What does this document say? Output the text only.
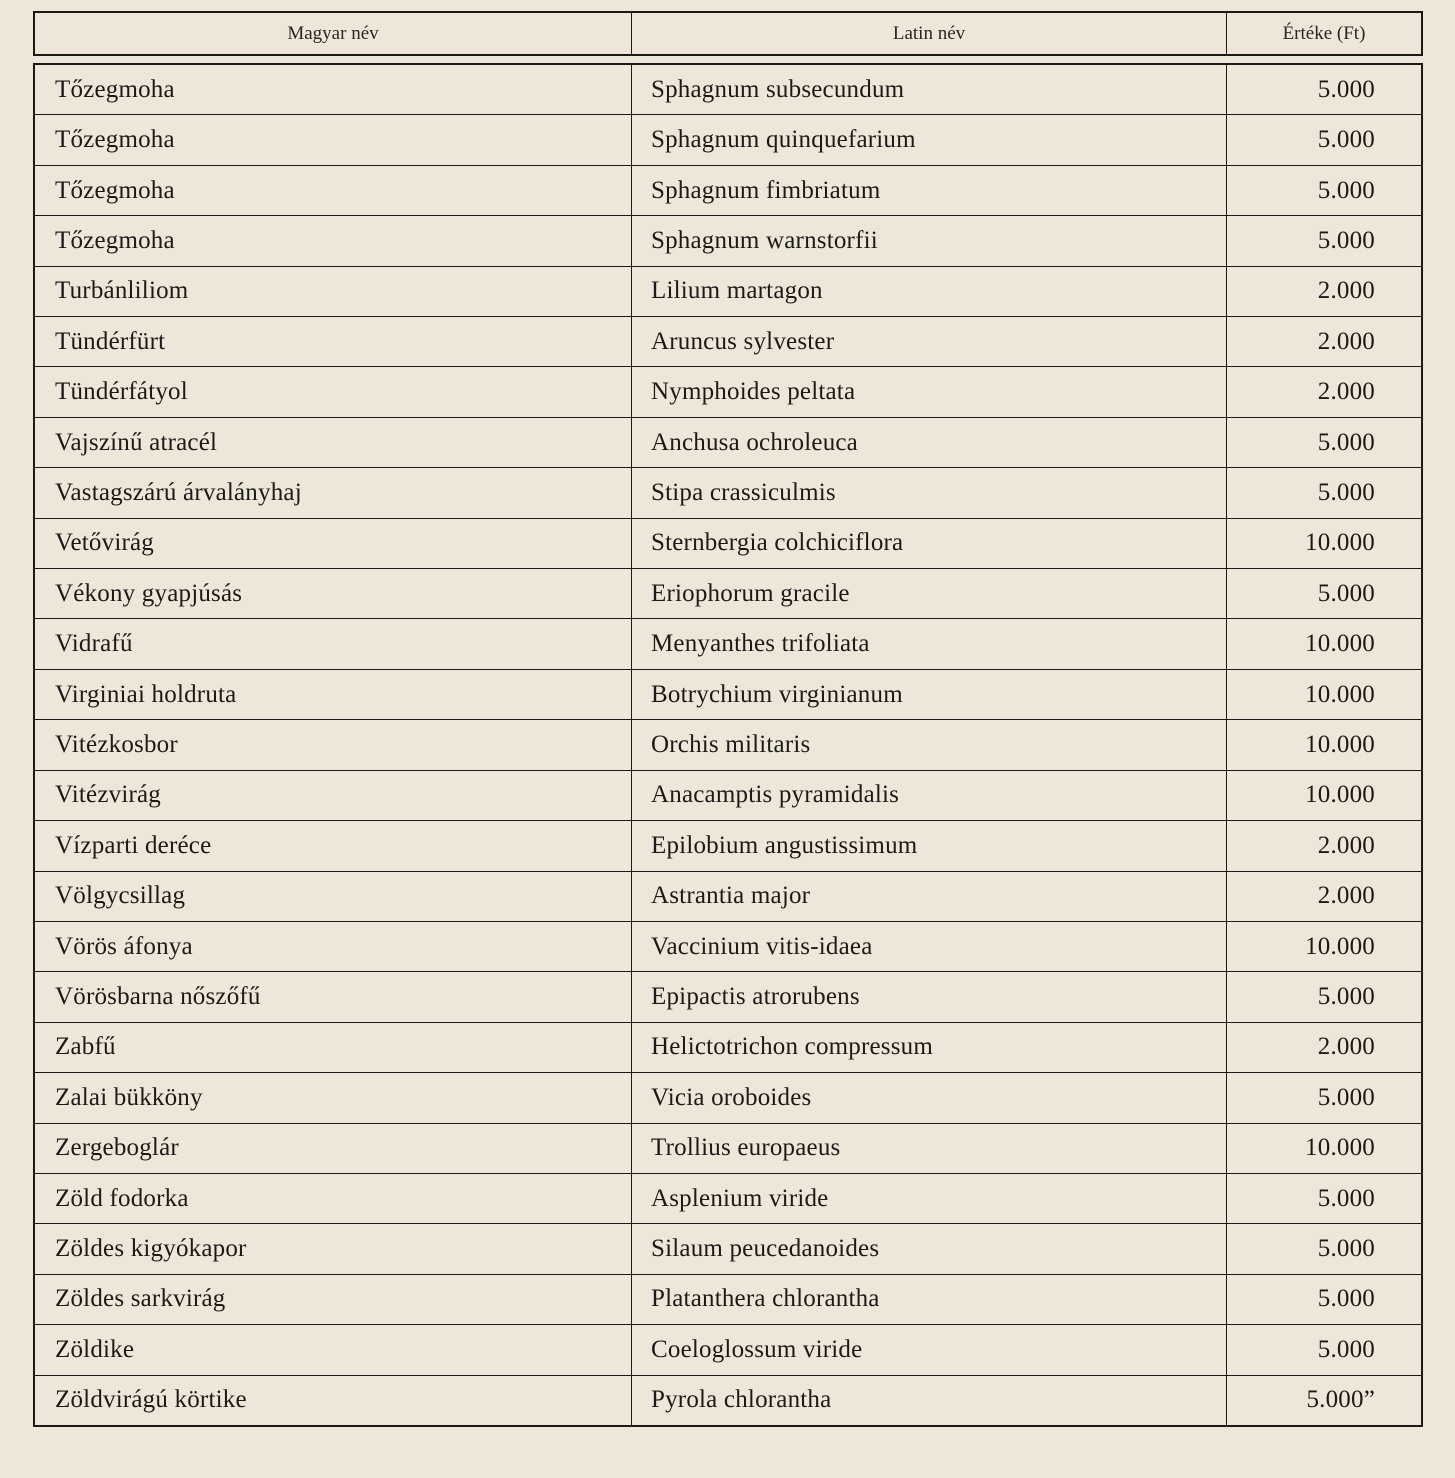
Magyar név	Latin név	Értéke (Ft)
Tőzegmoha	Sphagnum subsecundum	5.000
Tőzegmoha	Sphagnum quinquefarium	5.000
Tőzegmoha	Sphagnum fimbriatum	5.000
Tőzegmoha	Sphagnum warnstorfii	5.000
Turbánliliom	Lilium martagon	2.000
Tündérfürt	Aruncus sylvester	2.000
Tündérfátyol	Nymphoides peltata	2.000
Vajszínű atracél	Anchusa ochroleuca	5.000
Vastagszárú árvalányhaj	Stipa crassiculmis	5.000
Vetővirág	Sternbergia colchiciflora	10.000
Vékony gyapjúsás	Eriophorum gracile	5.000
Vidrafű	Menyanthes trifoliata	10.000
Virginiai holdruta	Botrychium virginianum	10.000
Vitézkosbor	Orchis militaris	10.000
Vitézvirág	Anacamptis pyramidalis	10.000
Vízparti deréce	Epilobium angustissimum	2.000
Völgycsillag	Astrantia major	2.000
Vörös áfonya	Vaccinium vitis-idaea	10.000
Vörösbarna nőszőfű	Epipactis atrorubens	5.000
Zabfű	Helictotrichon compressum	2.000
Zalai bükköny	Vicia oroboides	5.000
Zergeboglár	Trollius europaeus	10.000
Zöld fodorka	Asplenium viride	5.000
Zöldes kigyókapor	Silaum peucedanoides	5.000
Zöldes sarkvirág	Platanthera chlorantha	5.000
Zöldike	Coeloglossum viride	5.000
Zöldvirágú körtike	Pyrola chlorantha	5.000”
